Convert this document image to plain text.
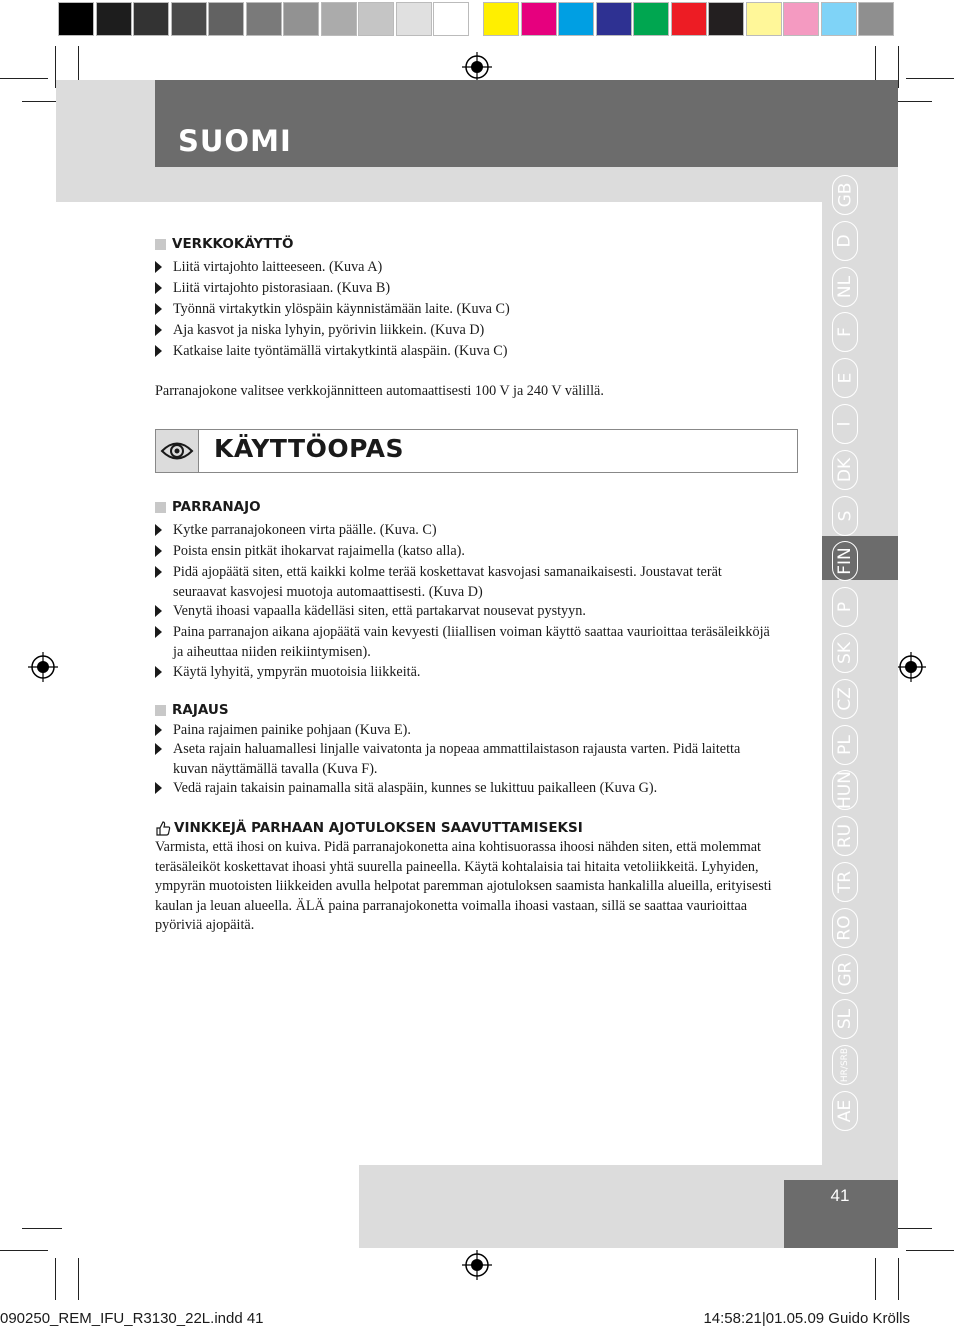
SUOMI
GB
D
NL
F
E
I
DK
S
FIN
P
SK
CZ
PL
HUN
RU
TR
RO
GR
SL
HR/SRB
AE
41
VERKKOKÄYTTÖ
Liitä virtajohto laitteeseen. (Kuva A)
Liitä virtajohto pistorasiaan. (Kuva B)
Työnnä virtakytkin ylöspäin käynnistämään laite. (Kuva C)
Aja kasvot ja niska lyhyin, pyörivin liikkein. (Kuva D)
Katkaise laite työntämällä virtakytkintä alaspäin. (Kuva C)
Parranajokone valitsee verkkojännitteen automaattisesti 100 V ja 240 V välillä.
KÄYTTÖOPAS
PARRANAJO
Kytke parranajokoneen virta päälle. (Kuva. C)
Poista ensin pitkät ihokarvat rajaimella (katso alla).
Pidä ajopäätä siten, että kaikki kolme terää koskettavat kasvojasi samanaikaisesti. Joustavat terät seuraavat kasvojesi muotoja automaattisesti. (Kuva D)
Venytä ihoasi vapaalla kädelläsi siten, että partakarvat nousevat pystyyn.
Paina parranajon aikana ajopäätä vain kevyesti (liiallisen voiman käyttö saattaa vaurioittaa teräsäleikköjä ja aiheuttaa niiden reikiintymisen).
Käytä lyhyitä, ympyrän muotoisia liikkeitä.
RAJAUS
Paina rajaimen painike pohjaan (Kuva E).
Aseta rajain haluamallesi linjalle vaivatonta ja nopeaa ammattilaistason rajausta varten. Pidä laitetta kuvan näyttämällä tavalla (Kuva F).
Vedä rajain takaisin painamalla sitä alaspäin, kunnes se lukittuu paikalleen (Kuva G).
VINKKEJÄ PARHAAN AJOTULOKSEN SAAVUTTAMISEKSI
Varmista, että ihosi on kuiva. Pidä parranajokonetta aina kohtisuorassa ihoosi nähden siten, että molemmat teräsäleiköt koskettavat ihoasi yhtä suurella paineella. Käytä kohtalaisia tai hitaita vetoliikkeitä. Lyhyiden, ympyrän muotoisten liikkeiden avulla helpotat paremman ajotuloksen saamista hankalilla alueilla, erityisesti kaulan ja leuan alueella. ÄLÄ paina parranajokonetta voimalla ihoasi vastaan, sillä se saattaa vaurioittaa pyöriviä ajopäitä.
090250_REM_IFU_R3130_22L.indd 41	14:58:21|01.05.09 Guido Krölls
